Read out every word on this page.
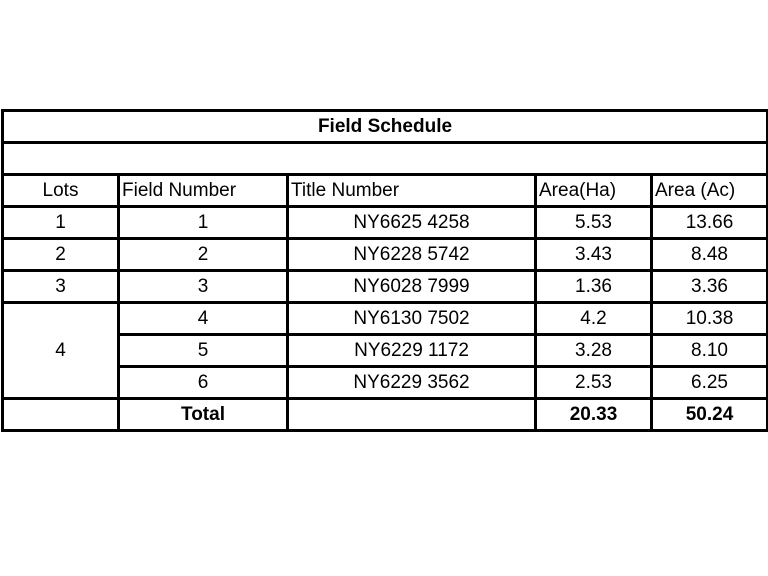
Field Schedule				

Lots	Field Number	Title Number	Area(Ha)	Area (Ac)
1	1	NY6625 4258	5.53	13.66
2	2	NY6228 5742	3.43	8.48
3	3	NY6028 7999	1.36	3.36
4	4	NY6130 7502	4.2	10.38
	5	NY6229 1172	3.28	8.10
	6	NY6229 3562	2.53	6.25
	Total		20.33	50.24
